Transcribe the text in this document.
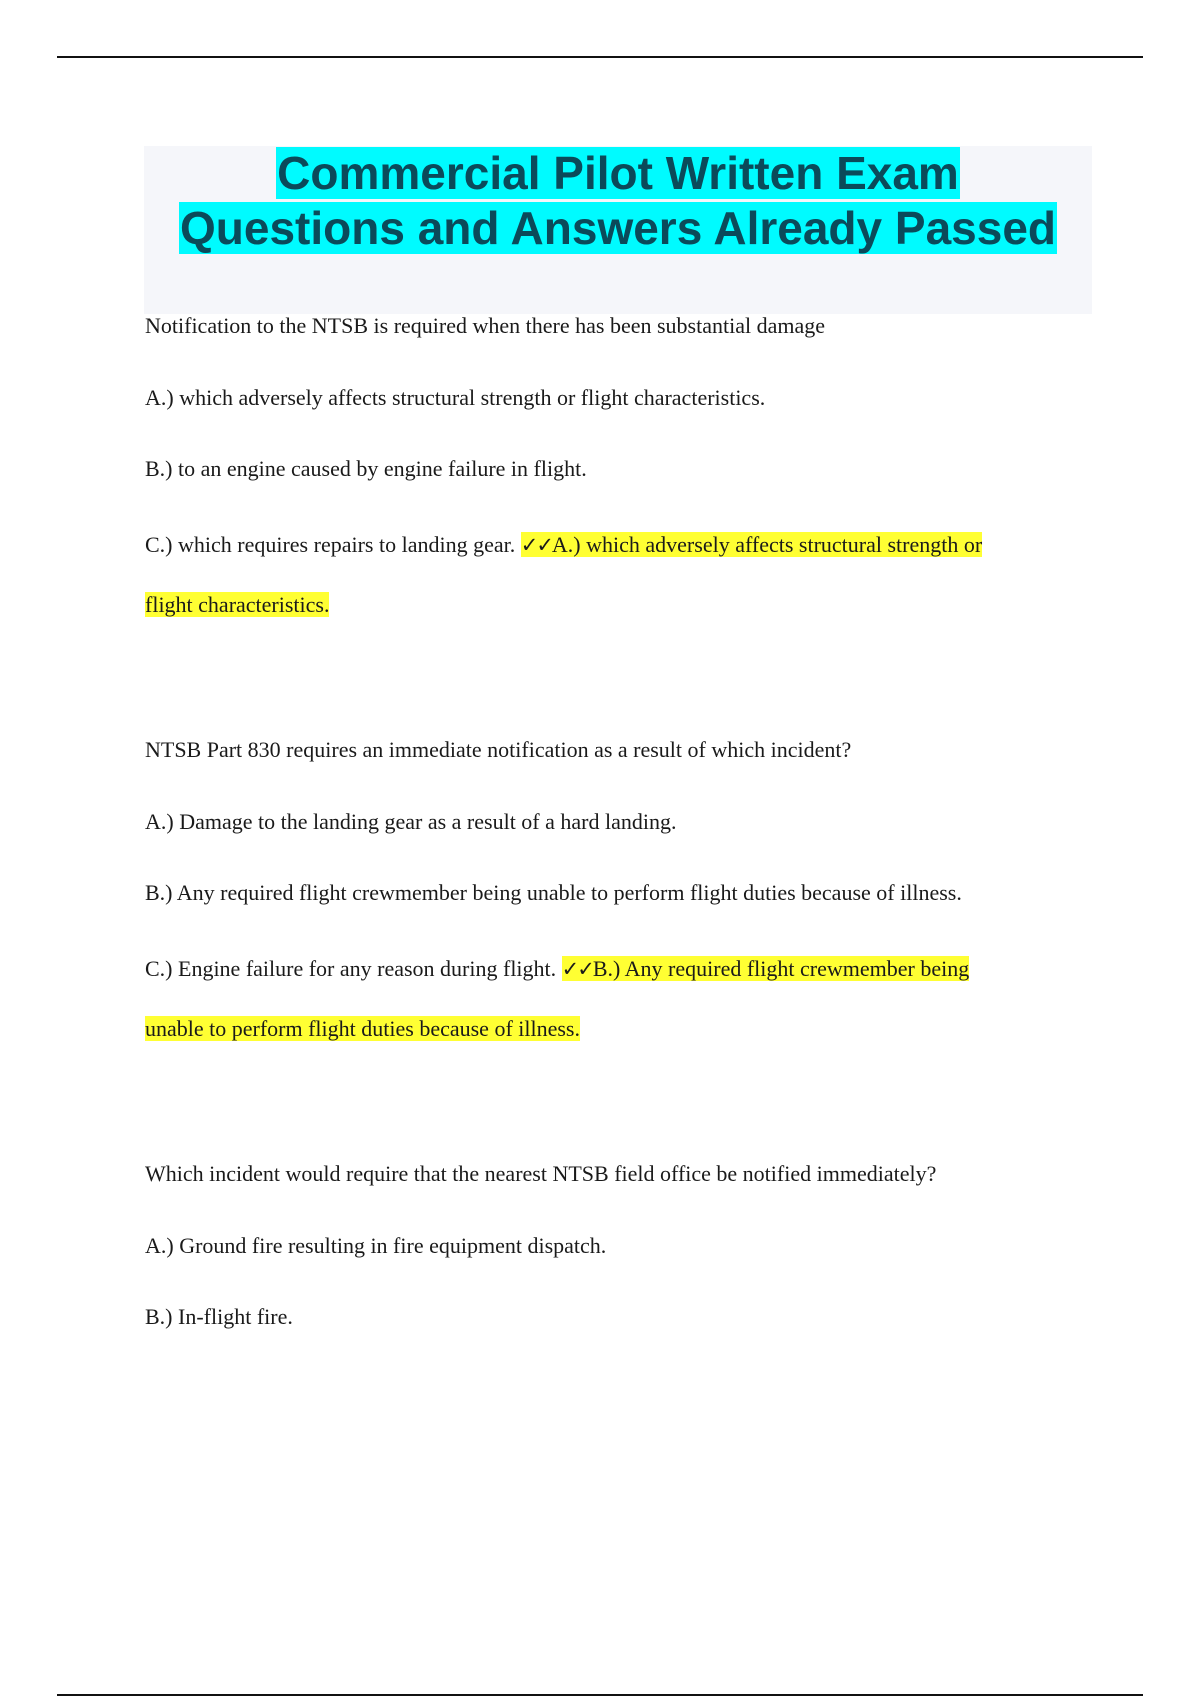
Commercial Pilot Written Exam
Questions and Answers Already Passed
Notification to the NTSB is required when there has been substantial damage
A.) which adversely affects structural strength or flight characteristics.
B.) to an engine caused by engine failure in flight.
C.) which requires repairs to landing gear. ✓✓A.) which adversely affects structural strength or
flight characteristics.
NTSB Part 830 requires an immediate notification as a result of which incident?
A.) Damage to the landing gear as a result of a hard landing.
B.) Any required flight crewmember being unable to perform flight duties because of illness.
C.) Engine failure for any reason during flight. ✓✓B.) Any required flight crewmember being
unable to perform flight duties because of illness.
Which incident would require that the nearest NTSB field office be notified immediately?
A.) Ground fire resulting in fire equipment dispatch.
B.) In-flight fire.
